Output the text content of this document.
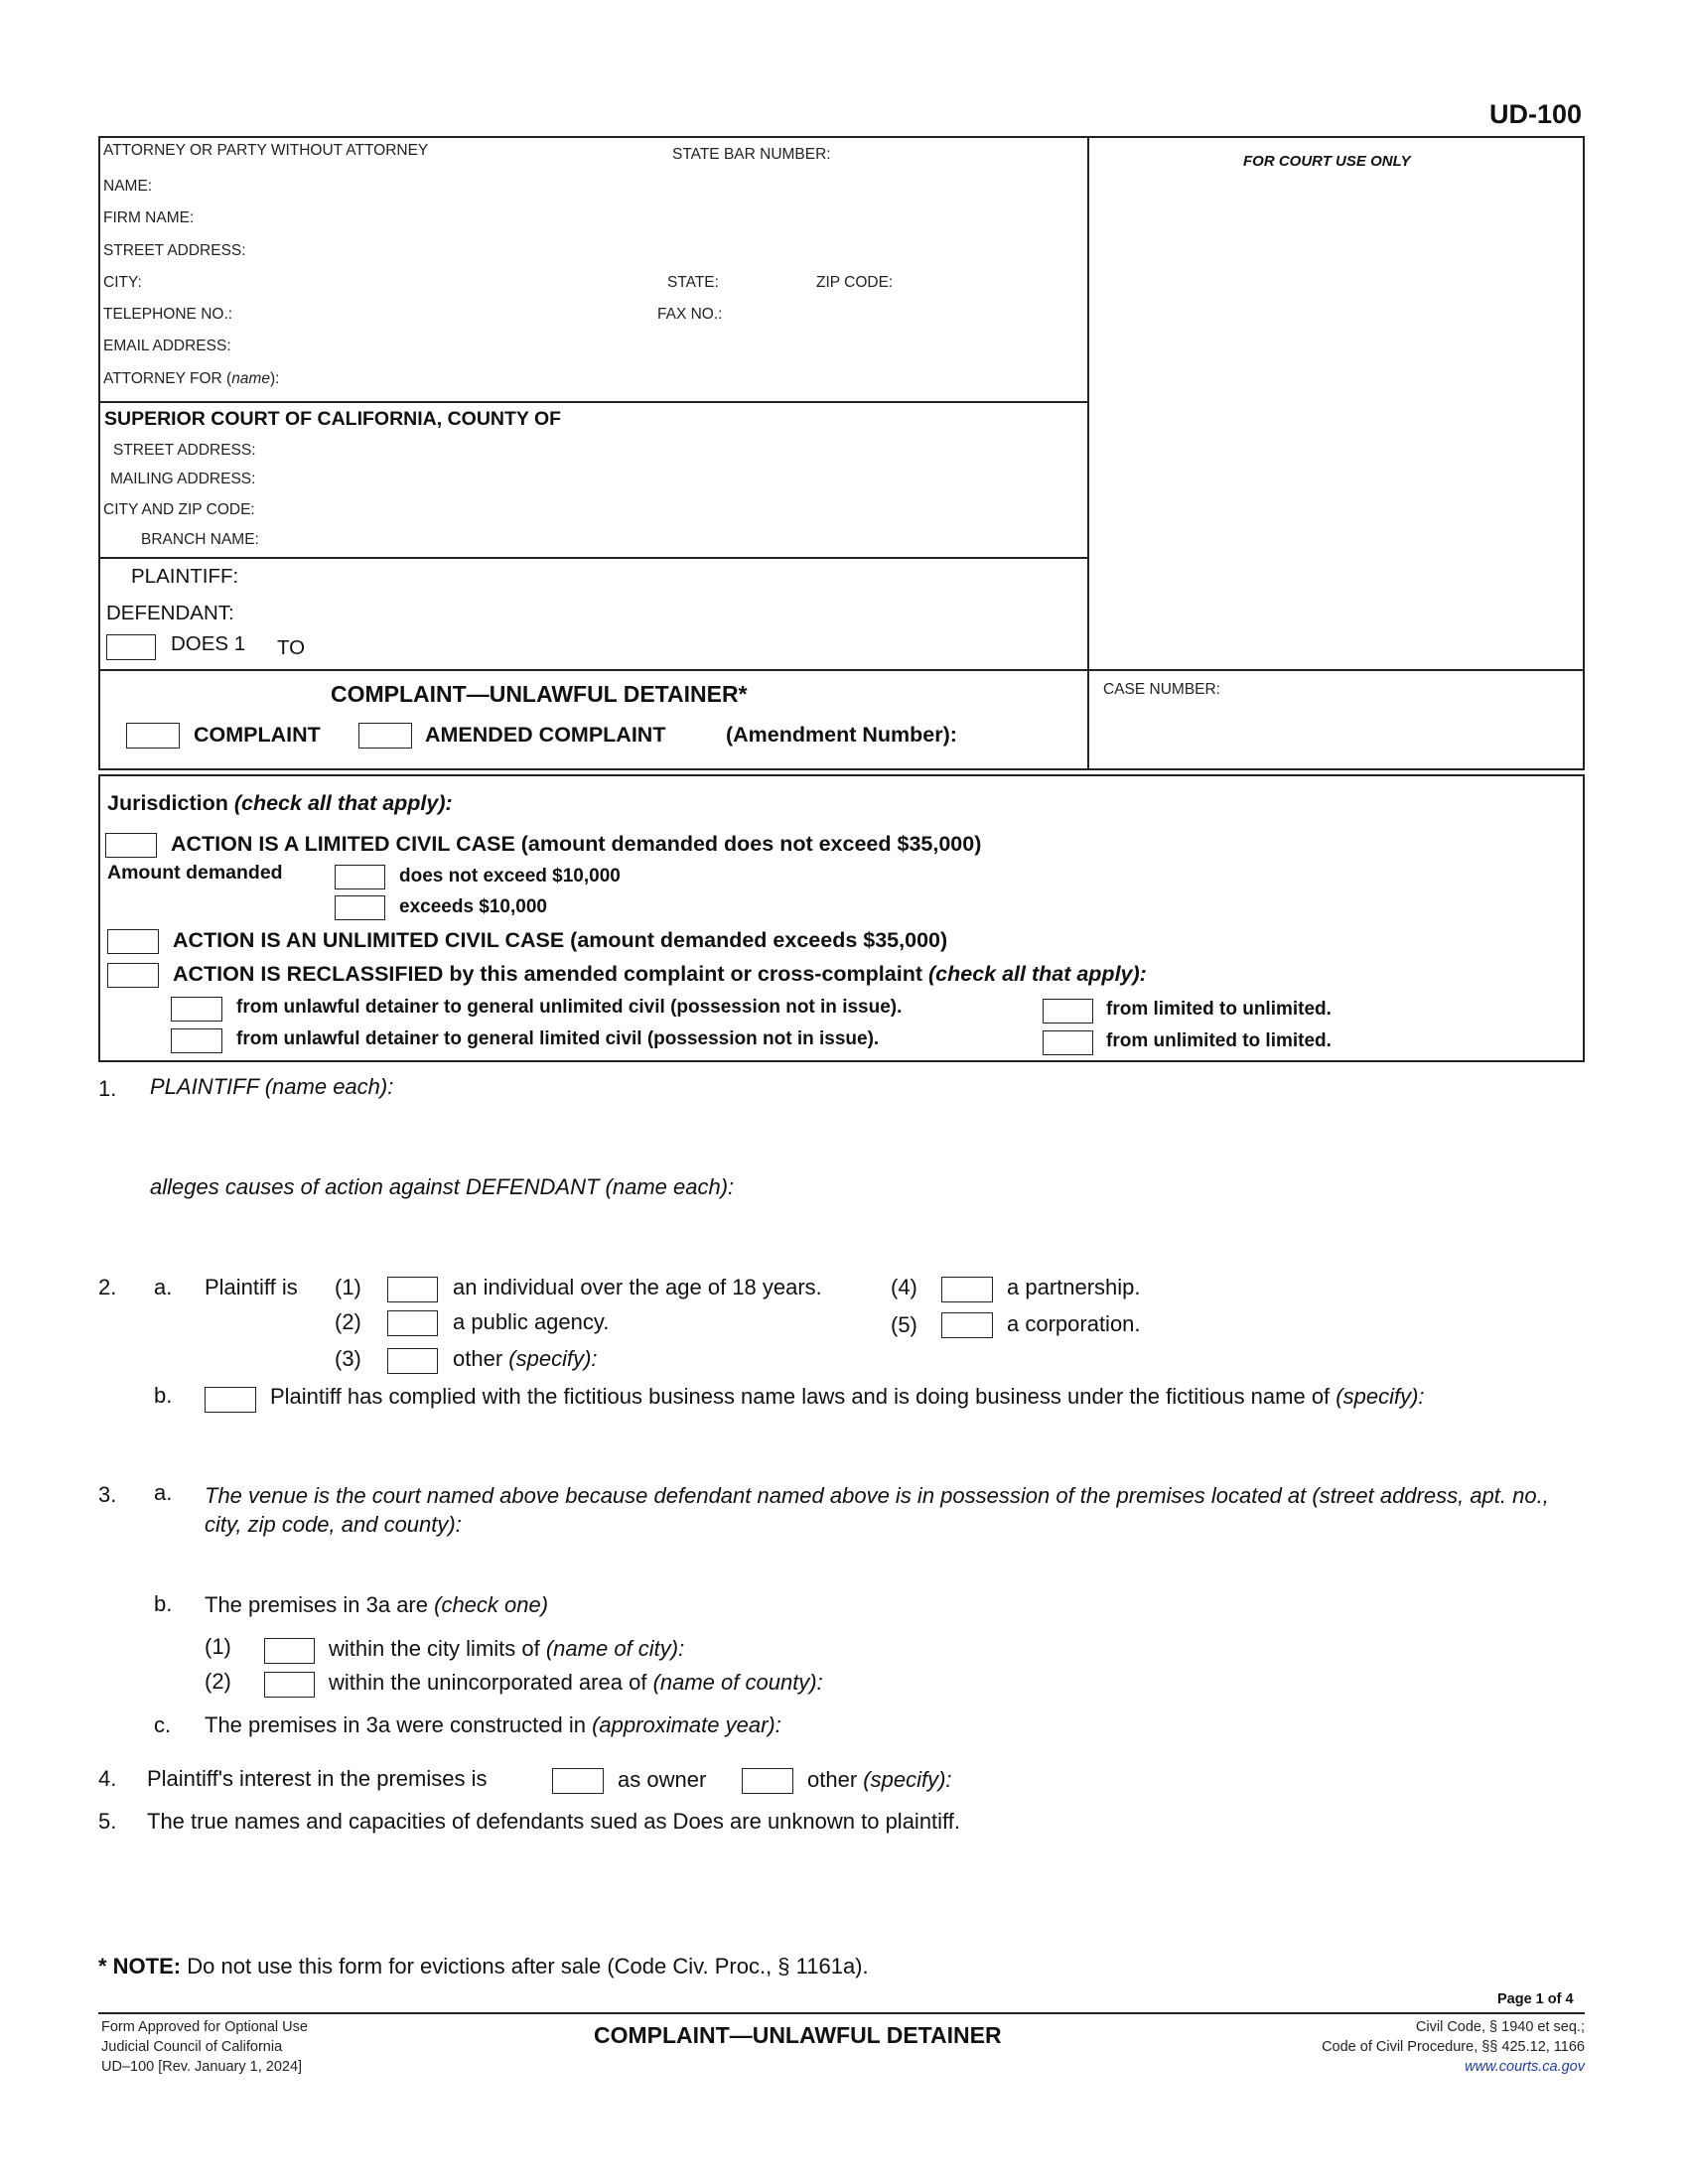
UD-100
ATTORNEY OR PARTY WITHOUT ATTORNEY	STATE BAR NUMBER:
NAME:
FIRM NAME:
STREET ADDRESS:
CITY:	STATE:	ZIP CODE:
TELEPHONE NO.:	FAX NO.:
EMAIL ADDRESS:
ATTORNEY FOR (name):
FOR COURT USE ONLY
SUPERIOR COURT OF CALIFORNIA, COUNTY OF
STREET ADDRESS:
MAILING ADDRESS:
CITY AND ZIP CODE:
BRANCH NAME:
PLAINTIFF:
DEFENDANT:
DOES 1 TO
COMPLAINT—UNLAWFUL DETAINER*
COMPLAINT	AMENDED COMPLAINT	(Amendment Number):
CASE NUMBER:
Jurisdiction (check all that apply):
ACTION IS A LIMITED CIVIL CASE (amount demanded does not exceed $35,000)
Amount demanded	does not exceed $10,000
exceeds $10,000
ACTION IS AN UNLIMITED CIVIL CASE (amount demanded exceeds $35,000)
ACTION IS RECLASSIFIED by this amended complaint or cross-complaint (check all that apply):
from unlawful detainer to general unlimited civil (possession not in issue).	from limited to unlimited.
from unlawful detainer to general limited civil (possession not in issue).	from unlimited to limited.
1. PLAINTIFF (name each):
alleges causes of action against DEFENDANT (name each):
2. a. Plaintiff is (1)	an individual over the age of 18 years.	(4)	a partnership.
(2)	a public agency.	(5)	a corporation.
(3)	other (specify):
b.	Plaintiff has complied with the fictitious business name laws and is doing business under the fictitious name of (specify):
3. a. The venue is the court named above because defendant named above is in possession of the premises located at (street address, apt. no., city, zip code, and county):
b. The premises in 3a are (check one)
(1)	within the city limits of (name of city):
(2)	within the unincorporated area of (name of county):
c. The premises in 3a were constructed in (approximate year):
4. Plaintiff's interest in the premises is	as owner	other (specify):
5. The true names and capacities of defendants sued as Does are unknown to plaintiff.
* NOTE: Do not use this form for evictions after sale (Code Civ. Proc., § 1161a).
Page 1 of 4
Form Approved for Optional Use
Judicial Council of California
UD–100 [Rev. January 1, 2024]
COMPLAINT—UNLAWFUL DETAINER	Civil Code, § 1940 et seq.;
Code of Civil Procedure, §§ 425.12, 1166
www.courts.ca.gov
